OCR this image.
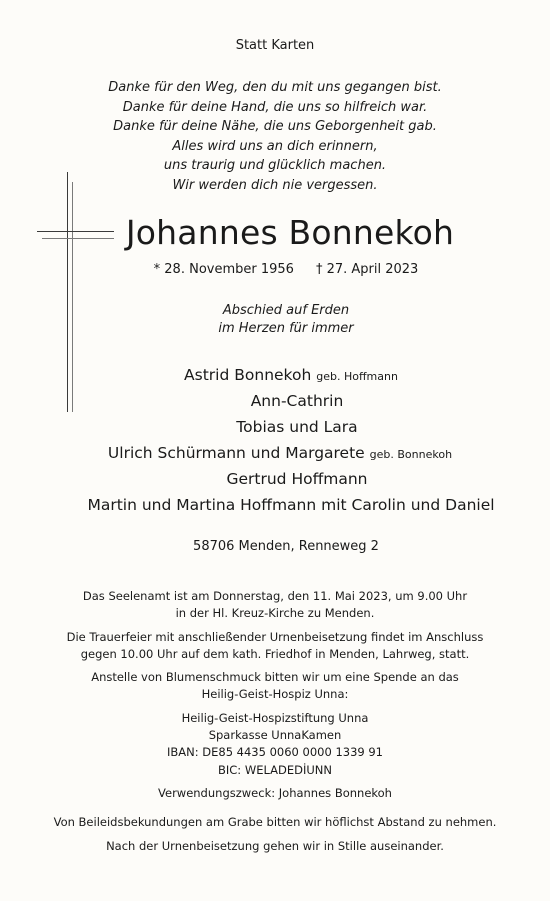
Statt Karten
Danke für den Weg, den du mit uns gegangen bist.
Danke für deine Hand, die uns so hilfreich war.
Danke für deine Nähe, die uns Geborgenheit gab.
Alles wird uns an dich erinnern,
uns traurig und glücklich machen.
Wir werden dich nie vergessen.
Johannes Bonnekoh
* 28. November 1956 † 27. April 2023
Abschied auf Erden
im Herzen für immer
Astrid Bonnekoh geb. Hoffmann
Ann-Cathrin
Tobias und Lara
Ulrich Schürmann und Margarete geb. Bonnekoh
Gertrud Hoffmann
Martin und Martina Hoffmann mit Carolin und Daniel
58706 Menden, Renneweg 2
Das Seelenamt ist am Donnerstag, den 11. Mai 2023, um 9.00 Uhr
in der Hl. Kreuz-Kirche zu Menden.
Die Trauerfeier mit anschließender Urnenbeisetzung findet im Anschluss
gegen 10.00 Uhr auf dem kath. Friedhof in Menden, Lahrweg, statt.
Anstelle von Blumenschmuck bitten wir um eine Spende an das
Heilig-Geist-Hospiz Unna:
Heilig-Geist-Hospizstiftung Unna
Sparkasse UnnaKamen
IBAN: DE85 4435 0060 0000 1339 91
BIC: WELADEDİUNN
Verwendungszweck: Johannes Bonnekoh
Von Beileidsbekundungen am Grabe bitten wir höflichst Abstand zu nehmen.
Nach der Urnenbeisetzung gehen wir in Stille auseinander.
